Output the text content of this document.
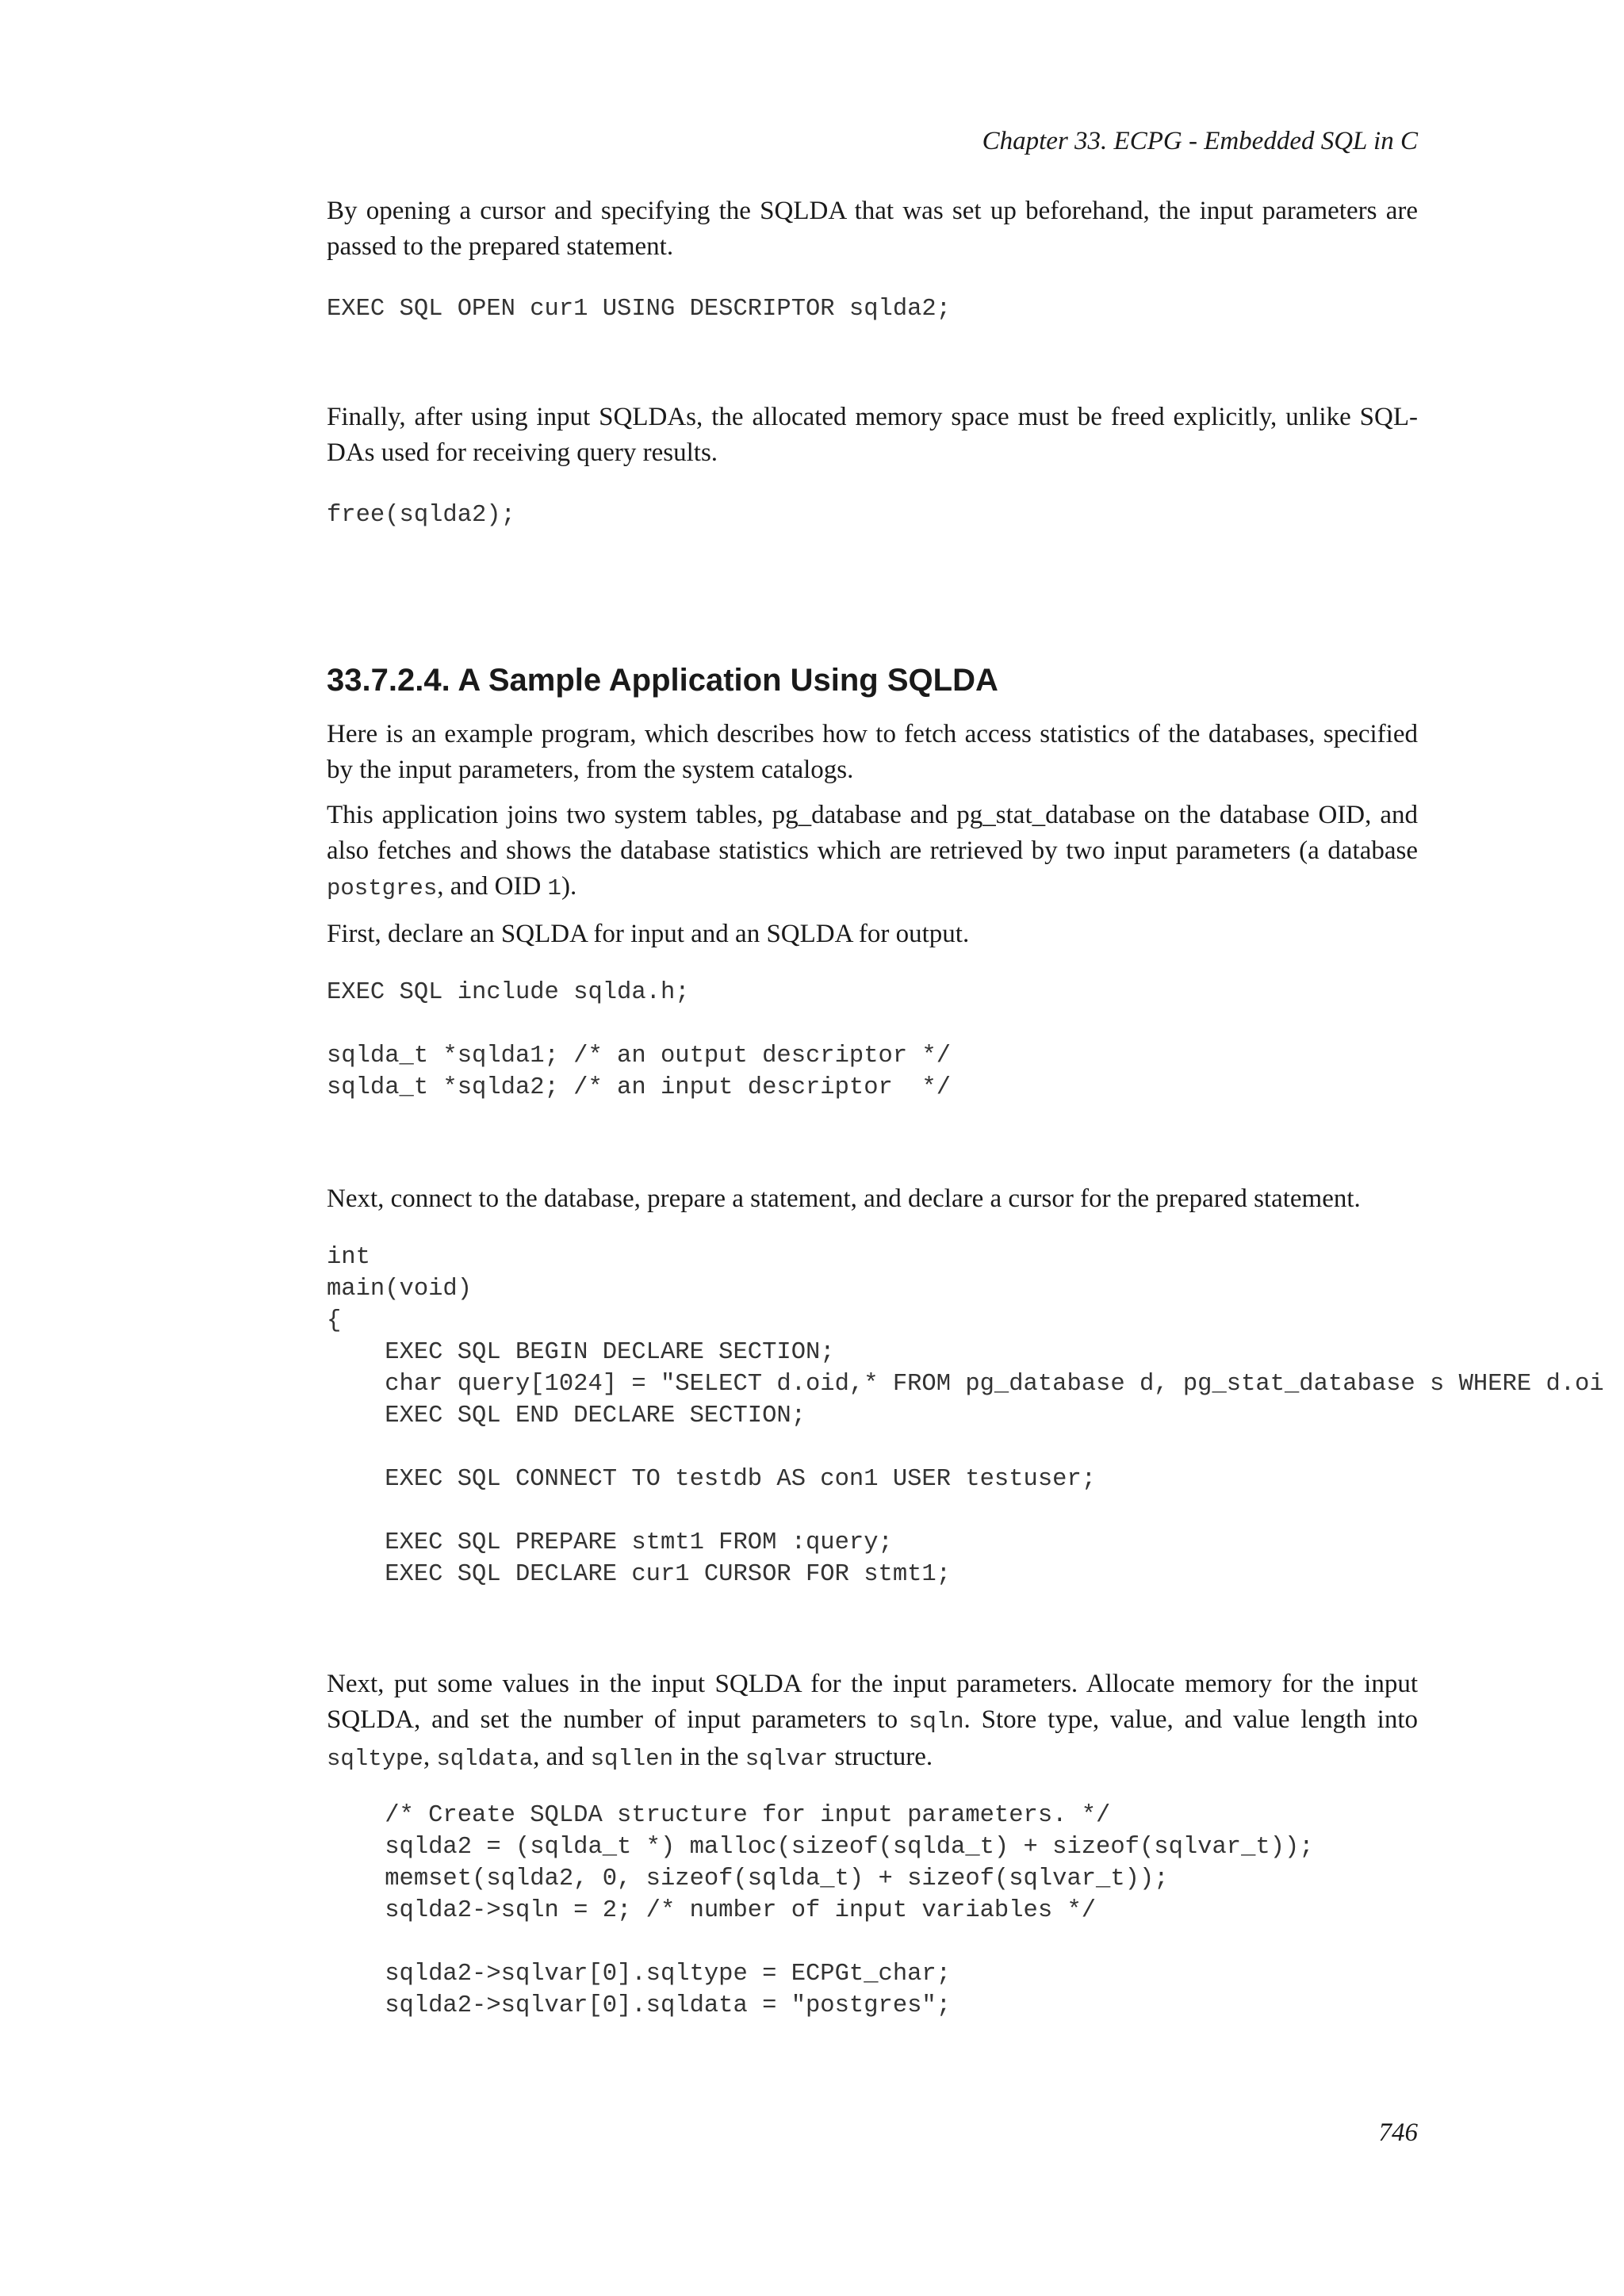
Chapter 33. ECPG - Embedded SQL in C

By opening a cursor and specifying the SQLDA that was set up beforehand, the input parameters are passed to the prepared statement.

EXEC SQL OPEN cur1 USING DESCRIPTOR sqlda2;

Finally, after using input SQLDAs, the allocated memory space must be freed explicitly, unlike SQL-DAs used for receiving query results.

free(sqlda2);
33.7.2.4. A Sample Application Using SQLDA

Here is an example program, which describes how to fetch access statistics of the databases, specified by the input parameters, from the system catalogs.

This application joins two system tables, pg_database and pg_stat_database on the database OID, and also fetches and shows the database statistics which are retrieved by two input parameters (a database postgres, and OID 1).

First, declare an SQLDA for input and an SQLDA for output.

EXEC SQL include sqlda.h;

sqlda_t *sqlda1; /* an output descriptor */
sqlda_t *sqlda2; /* an input descriptor  */

Next, connect to the database, prepare a statement, and declare a cursor for the prepared statement.

int
main(void)
{
EXEC SQL BEGIN DECLARE SECTION;
char query[1024] = "SELECT d.oid,* FROM pg_database d, pg_stat_database s WHERE d.oi
EXEC SQL END DECLARE SECTION;

EXEC SQL CONNECT TO testdb AS con1 USER testuser;

EXEC SQL PREPARE stmt1 FROM :query;
EXEC SQL DECLARE cur1 CURSOR FOR stmt1;

Next, put some values in the input SQLDA for the input parameters. Allocate memory for the input SQLDA, and set the number of input parameters to sqln. Store type, value, and value length into sqltype, sqldata, and sqllen in the sqlvar structure.

/* Create SQLDA structure for input parameters. */
sqlda2 = (sqlda_t *) malloc(sizeof(sqlda_t) + sizeof(sqlvar_t));
memset(sqlda2, 0, sizeof(sqlda_t) + sizeof(sqlvar_t));
sqlda2->sqln = 2; /* number of input variables */

sqlda2->sqlvar[0].sqltype = ECPGt_char;
sqlda2->sqlvar[0].sqldata = "postgres";
746
